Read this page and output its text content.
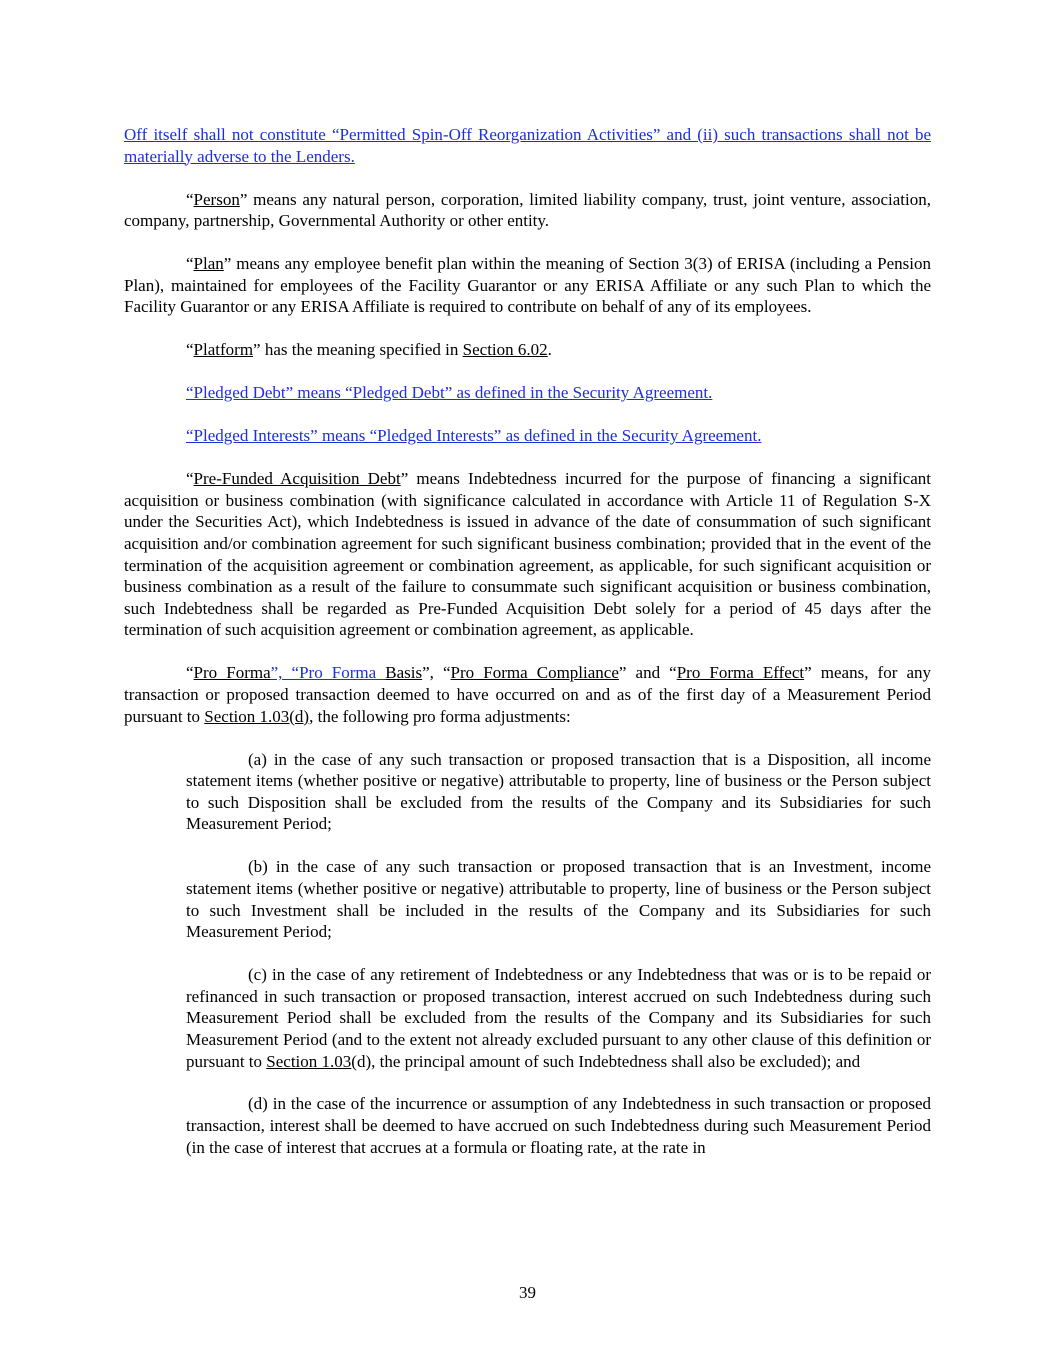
Off itself shall not constitute “Permitted Spin-Off Reorganization Activities” and (ii) such transactions shall not be materially adverse to the Lenders.

“Person” means any natural person, corporation, limited liability company, trust, joint venture, association, company, partnership, Governmental Authority or other entity.

“Plan” means any employee benefit plan within the meaning of Section 3(3) of ERISA (including a Pension Plan), maintained for employees of the Facility Guarantor or any ERISA Affiliate or any such Plan to which the Facility Guarantor or any ERISA Affiliate is required to contribute on behalf of any of its employees.

“Platform” has the meaning specified in Section 6.02.

“Pledged Debt” means “Pledged Debt” as defined in the Security Agreement.

“Pledged Interests” means “Pledged Interests” as defined in the Security Agreement.

“Pre-Funded Acquisition Debt” means Indebtedness incurred for the purpose of financing a significant acquisition or business combination (with significance calculated in accordance with Article 11 of Regulation S-X under the Securities Act), which Indebtedness is issued in advance of the date of consummation of such significant acquisition and/or combination agreement for such significant business combination; provided that in the event of the termination of the acquisition agreement or combination agreement, as applicable, for such significant acquisition or business combination as a result of the failure to consummate such significant acquisition or business combination, such Indebtedness shall be regarded as Pre-Funded Acquisition Debt solely for a period of 45 days after the termination of such acquisition agreement or combination agreement, as applicable.

“Pro Forma”, “Pro Forma Basis”, “Pro Forma Compliance” and “Pro Forma Effect” means, for any transaction or proposed transaction deemed to have occurred on and as of the first day of a Measurement Period pursuant to Section 1.03(d), the following pro forma adjustments:

(a) in the case of any such transaction or proposed transaction that is a Disposition, all income statement items (whether positive or negative) attributable to property, line of business or the Person subject to such Disposition shall be excluded from the results of the Company and its Subsidiaries for such Measurement Period;

(b) in the case of any such transaction or proposed transaction that is an Investment, income statement items (whether positive or negative) attributable to property, line of business or the Person subject to such Investment shall be included in the results of the Company and its Subsidiaries for such Measurement Period;

(c) in the case of any retirement of Indebtedness or any Indebtedness that was or is to be repaid or refinanced in such transaction or proposed transaction, interest accrued on such Indebtedness during such Measurement Period shall be excluded from the results of the Company and its Subsidiaries for such Measurement Period (and to the extent not already excluded pursuant to any other clause of this definition or pursuant to Section 1.03(d), the principal amount of such Indebtedness shall also be excluded); and

(d) in the case of the incurrence or assumption of any Indebtedness in such transaction or proposed transaction, interest shall be deemed to have accrued on such Indebtedness during such Measurement Period (in the case of interest that accrues at a formula or floating rate, at the rate in

39
